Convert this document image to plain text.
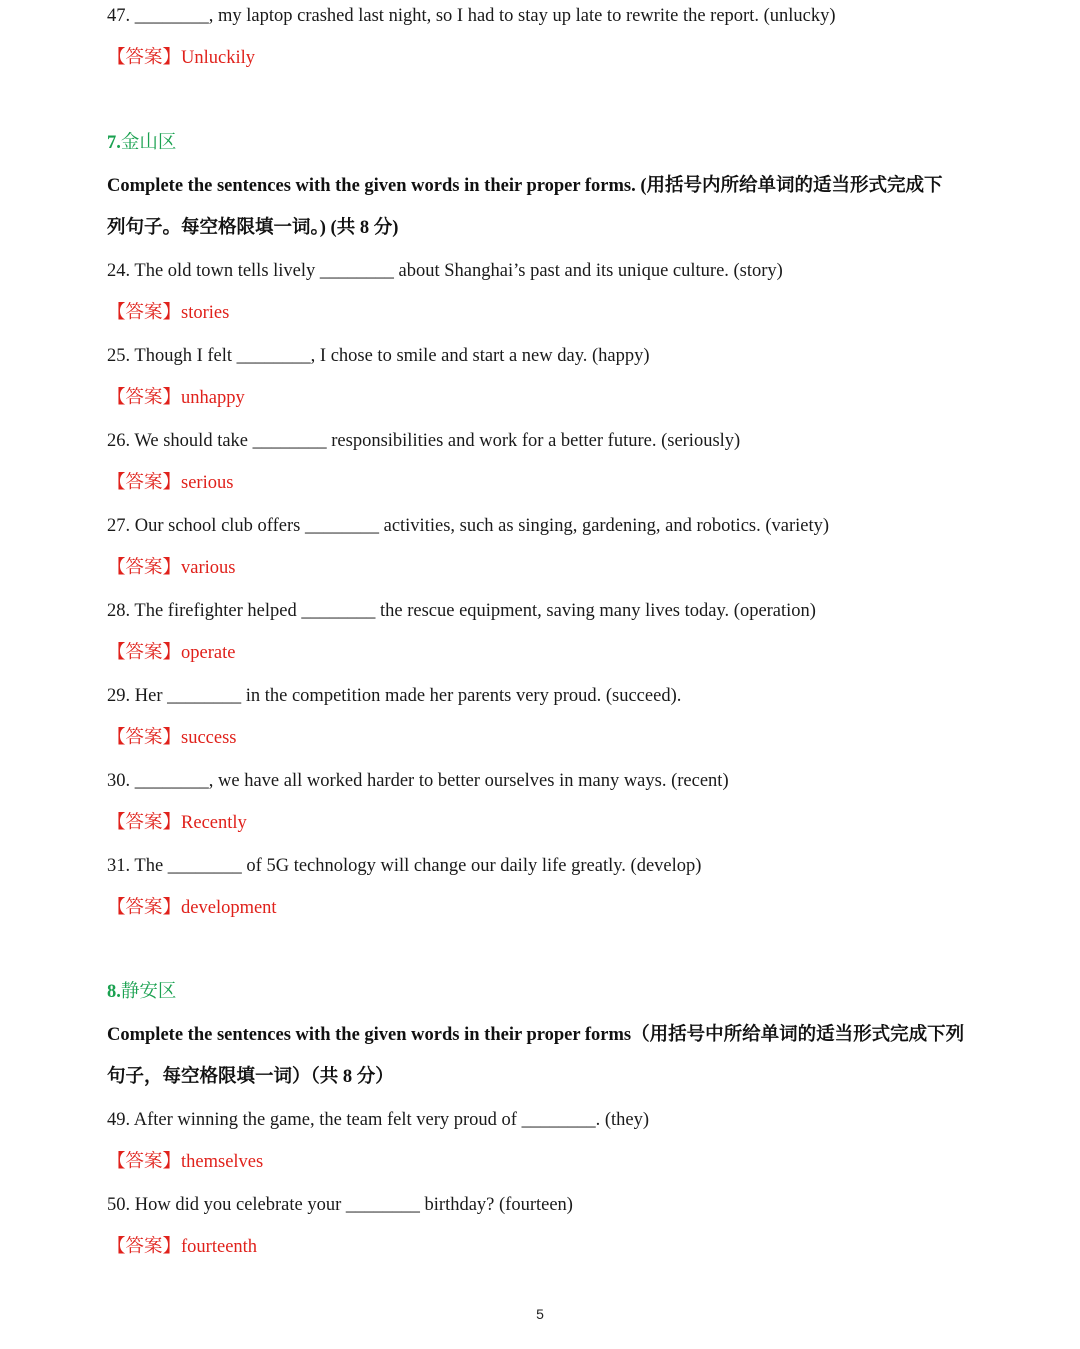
47. ________, my laptop crashed last night, so I had to stay up late to rewrite the report. (unlucky)
【答案】Unluckily
7.金山区
Complete the sentences with the given words in their proper forms. (用括号内所给单词的适当形式完成下
列句子。每空格限填一词。) (共 8 分)
24. The old town tells lively ________ about Shanghai’s past and its unique culture. (story)
【答案】stories
25. Though I felt ________, I chose to smile and start a new day. (happy)
【答案】unhappy
26. We should take ________ responsibilities and work for a better future. (seriously)
【答案】serious
27. Our school club offers ________ activities, such as singing, gardening, and robotics. (variety)
【答案】various
28. The firefighter helped ________ the rescue equipment, saving many lives today. (operation)
【答案】operate
29. Her ________ in the competition made her parents very proud. (succeed).
【答案】success
30. ________, we have all worked harder to better ourselves in many ways. (recent)
【答案】Recently
31. The ________ of 5G technology will change our daily life greatly. (develop)
【答案】development
8.静安区
Complete the sentences with the given words in their proper forms（用括号中所给单词的适当形式完成下列
句子，每空格限填一词）（共 8 分）
49. After winning the game, the team felt very proud of ________. (they)
【答案】themselves
50. How did you celebrate your ________ birthday? (fourteen)
【答案】fourteenth
5
